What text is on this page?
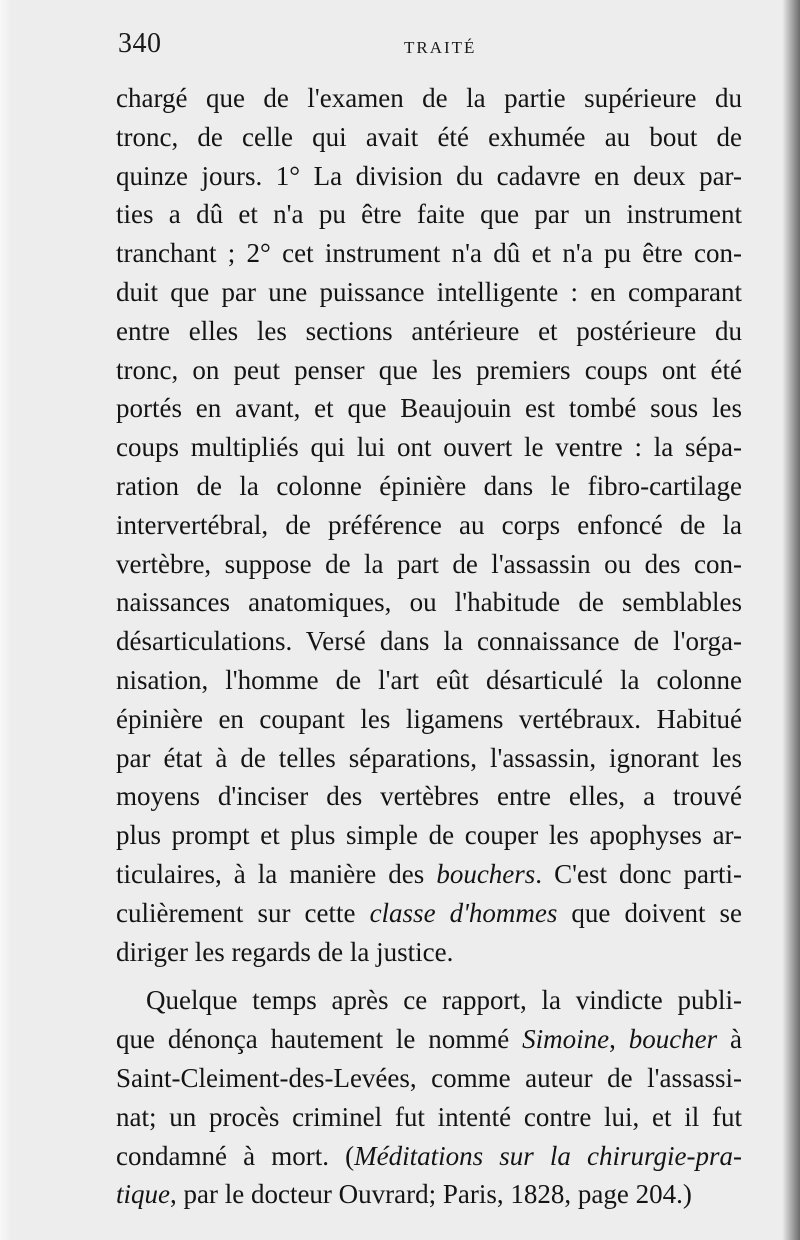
340	TRAITÉ
chargé que de l'examen de la partie supérieure du
tronc, de celle qui avait été exhumée au bout de
quinze jours. 1° La division du cadavre en deux par-
ties a dû et n'a pu être faite que par un instrument
tranchant ; 2° cet instrument n'a dû et n'a pu être con-
duit que par une puissance intelligente : en comparant
entre elles les sections antérieure et postérieure du
tronc, on peut penser que les premiers coups ont été
portés en avant, et que Beaujouin est tombé sous les
coups multipliés qui lui ont ouvert le ventre : la sépa-
ration de la colonne épinière dans le fibro-cartilage
intervertébral, de préférence au corps enfoncé de la
vertèbre, suppose de la part de l'assassin ou des con-
naissances anatomiques, ou l'habitude de semblables
désarticulations. Versé dans la connaissance de l'orga-
nisation, l'homme de l'art eût désarticulé la colonne
épinière en coupant les ligamens vertébraux. Habitué
par état à de telles séparations, l'assassin, ignorant les
moyens d'inciser des vertèbres entre elles, a trouvé
plus prompt et plus simple de couper les apophyses ar-
ticulaires, à la manière des bouchers. C'est donc parti-
culièrement sur cette classe d'hommes que doivent se
diriger les regards de la justice.
Quelque temps après ce rapport, la vindicte publi-
que dénonça hautement le nommé Simoine, boucher à
Saint-Cleiment-des-Levées, comme auteur de l'assassi-
nat; un procès criminel fut intenté contre lui, et il fut
condamné à mort. (Méditations sur la chirurgie-pra-
tique, par le docteur Ouvrard; Paris, 1828, page 204.)
